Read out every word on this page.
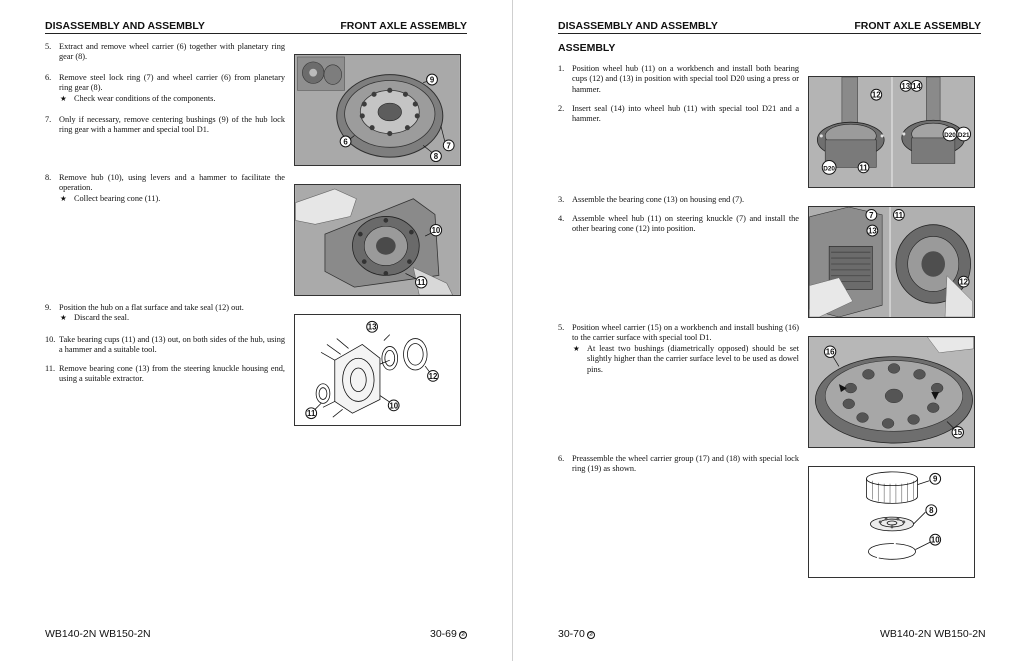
DISASSEMBLY AND ASSEMBLY	FRONT AXLE ASSEMBLY
5. Extract and remove wheel carrier (6) together with planetary ring gear (8).
6. Remove steel lock ring (7) and wheel carrier (6) from planetary ring gear (8).
★ Check wear conditions of the components.
7. Only if necessary, remove centering bushings (9) of the hub lock ring gear with a hammer and special tool D1.
8. Remove hub (10), using levers and a hammer to facilitate the operation.
★ Collect bearing cone (11).
9. Position the hub on a flat surface and take seal (12) out.
★ Discard the seal.
10. Take bearing cups (11) and (13) out, on both sides of the hub, using a hammer and a suitable tool.
11. Remove bearing cone (13) from the steering knuckle housing end, using a suitable extractor.
9
6	7
8
10
11
13
12
11
10
WB140-2N WB150-2N	30-69 ②
DISASSEMBLY AND ASSEMBLY	FRONT AXLE ASSEMBLY
ASSEMBLY
1. Position wheel hub (11) on a workbench and install both bearing cups (12) and (13) in position with special tool D20 using a press or hammer.
2. Insert seal (14) into wheel hub (11) with special tool D21 and a hammer.
3. Assemble the bearing cone (13) on housing end (7).
4. Assemble wheel hub (11) on steering knuckle (7) and install the other bearing cone (12) into position.
5. Position wheel carrier (15) on a workbench and install bushing (16) to the carrier surface with special tool D1.
★ At least two bushings (diametrically opposed) should be set slightly higher than the carrier surface level to be used as dowel pins.
6. Preassemble the wheel carrier group (17) and (18) with special lock ring (19) as shown.
12
13 14
D20	11
D20 D21
7
13
11
12
16
15
9
8
10
30-70 ②	WB140-2N WB150-2N
